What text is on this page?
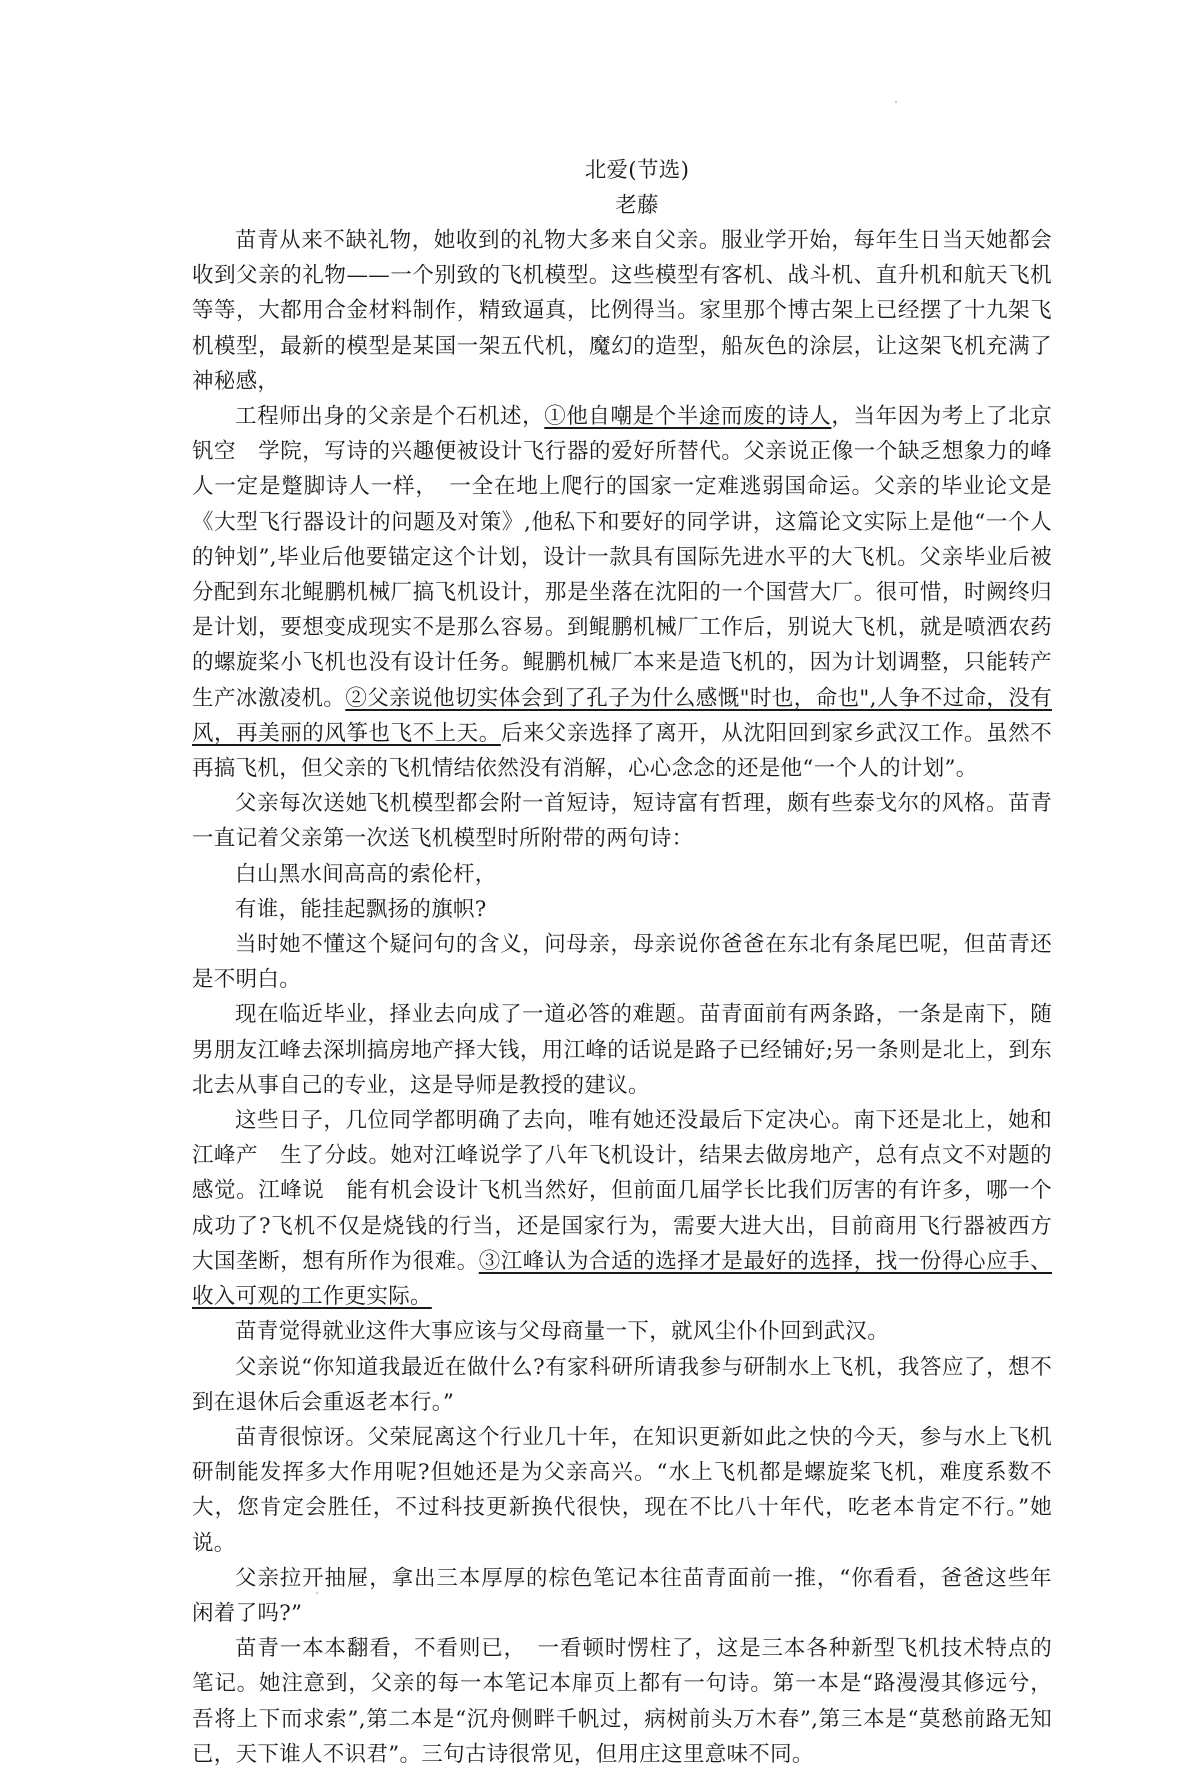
北爱(节选)
老藤

苗青从来不缺礼物，她收到的礼物大多来自父亲。服业学开始，每年生日当天她都会收到父亲的礼物——一个别致的飞机模型。这些模型有客机、战斗机、直升机和航天飞机等等，大都用合金材料制作，精致逼真，比例得当。家里那个博古架上已经摆了十九架飞机模型，最新的模型是某国一架五代机，魔幻的造型，船灰色的涂层，让这架飞机充满了神秘感，

工程师出身的父亲是个石机述，①他自嘲是个半途而废的诗人，当年因为考上了北京钒空　学院，写诗的兴趣便被设计飞行器的爱好所替代。父亲说正像一个缺乏想象力的峰人一定是蹩脚诗人一样，　一全在地上爬行的国家一定难逃弱国命运。父亲的毕业论文是《大型飞行器设计的问题及对策》,他私下和要好的同学讲，这篇论文实际上是他“一个人的钟划”,毕业后他要锚定这个计划，设计一款具有国际先进水平的大飞机。父亲毕业后被分配到东北鲲鹏机械厂搞飞机设计，那是坐落在沈阳的一个国营大厂。很可惜，时阙终归是计划，要想变成现实不是那么容易。到鲲鹏机械厂工作后，别说大飞机，就是喷洒农药的螺旋桨小飞机也没有设计任务。鲲鹏机械厂本来是造飞机的，因为计划调整，只能转产生产冰激凌机。②父亲说他切实体会到了孔子为什么感慨"时也，命也",人争不过命，没有风，再美丽的风筝也飞不上天。后来父亲选择了离开，从沈阳回到家乡武汉工作。虽然不再搞飞机，但父亲的飞机情结依然没有消解，心心念念的还是他“一个人的计划”。

父亲每次送她飞机模型都会附一首短诗，短诗富有哲理，颇有些泰戈尔的风格。苗青一直记着父亲第一次送飞机模型时所附带的两句诗：

白山黑水间高高的索伦杆，

有谁，能挂起飘扬的旗帜?

当时她不懂这个疑问句的含义，问母亲，母亲说你爸爸在东北有条尾巴呢，但苗青还是不明白。

现在临近毕业，择业去向成了一道必答的难题。苗青面前有两条路，一条是南下，随男朋友江峰去深圳搞房地产择大钱，用江峰的话说是路子已经铺好;另一条则是北上，到东北去从事自己的专业，这是导师是教授的建议。

这些日子，几位同学都明确了去向，唯有她还没最后下定决心。南下还是北上，她和江峰产　生了分歧。她对江峰说学了八年飞机设计，结果去做房地产，总有点文不对题的感觉。江峰说　能有机会设计飞机当然好，但前面几届学长比我们厉害的有许多，哪一个成功了?飞机不仅是烧钱的行当，还是国家行为，需要大进大出，目前商用飞行器被西方大国垄断，想有所作为很难。③江峰认为合适的选择才是最好的选择，找一份得心应手、收入可观的工作更实际。

苗青觉得就业这件大事应该与父母商量一下，就风尘仆仆回到武汉。

父亲说“你知道我最近在做什么?有家科研所请我参与研制水上飞机，我答应了，想不到在退休后会重返老本行。”

苗青很惊讶。父荣屁离这个行业几十年，在知识更新如此之快的今天，参与水上飞机研制能发挥多大作用呢?但她还是为父亲高兴。“水上飞机都是螺旋桨飞机，难度系数不大，您肯定会胜任，不过科技更新换代很快，现在不比八十年代，吃老本肯定不行。”她说。

父亲拉开抽屉，拿出三本厚厚的棕色笔记本往苗青面前一推，“你看看，爸爸这些年闲着了吗?”

苗青一本本翻看，不看则已，　一看顿时愣柱了，这是三本各种新型飞机技术特点的笔记。她注意到，父亲的每一本笔记本扉页上都有一句诗。第一本是“路漫漫其修远兮，吾将上下而求索”,第二本是“沉舟侧畔千帆过，病树前头万木春”,第三本是“莫愁前路无知已，天下谁人不识君”。三句古诗很常见，但用庄这里意味不同。
